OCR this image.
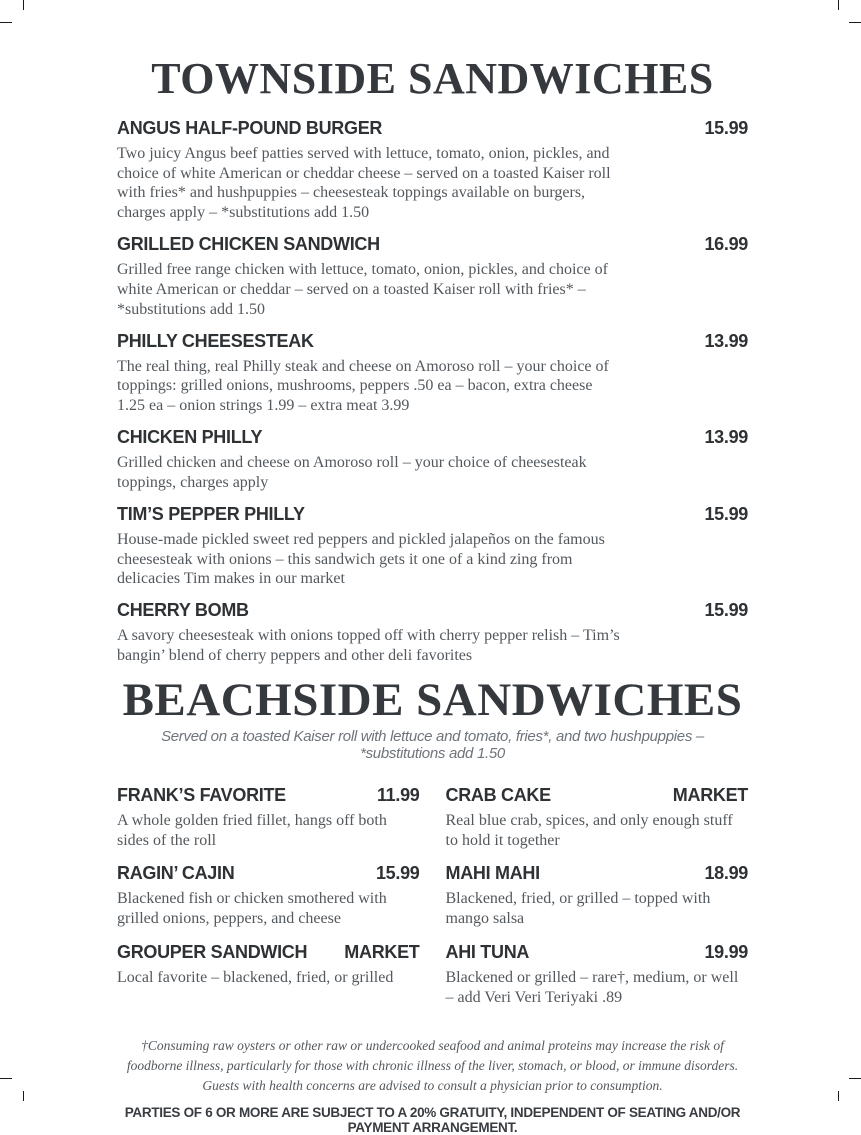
TOWNSIDE SANDWICHES
ANGUS HALF-POUND BURGER	15.99

Two juicy Angus beef patties served with lettuce, tomato, onion, pickles, and choice of white American or cheddar cheese – served on a toasted Kaiser roll with fries* and hushpuppies – cheesesteak toppings available on burgers, charges apply – *substitutions add 1.50

GRILLED CHICKEN SANDWICH	16.99

Grilled free range chicken with lettuce, tomato, onion, pickles, and choice of white American or cheddar – served on a toasted Kaiser roll with fries* – *substitutions add 1.50

PHILLY CHEESESTEAK	13.99

The real thing, real Philly steak and cheese on Amoroso roll – your choice of toppings: grilled onions, mushrooms, peppers .50 ea – bacon, extra cheese 1.25 ea – onion strings 1.99 – extra meat 3.99

CHICKEN PHILLY	13.99

Grilled chicken and cheese on Amoroso roll – your choice of cheesesteak toppings, charges apply

TIM’S PEPPER PHILLY	15.99

House-made pickled sweet red peppers and pickled jalapeños on the famous cheesesteak with onions – this sandwich gets it one of a kind zing from delicacies Tim makes in our market

CHERRY BOMB	15.99

A savory cheesesteak with onions topped off with cherry pepper relish – Tim’s bangin’ blend of cherry peppers and other deli favorites

BEACHSIDE SANDWICHES

Served on a toasted Kaiser roll with lettuce and tomato, fries*, and two hushpuppies – *substitutions add 1.50

FRANK’S FAVORITE	11.99

A whole golden fried fillet, hangs off both sides of the roll

CRAB CAKE	MARKET

Real blue crab, spices, and only enough stuff to hold it together

RAGIN’ CAJIN	15.99

Blackened fish or chicken smothered with grilled onions, peppers, and cheese

MAHI MAHI	18.99

Blackened, fried, or grilled – topped with mango salsa

GROUPER SANDWICH MARKET

Local favorite – blackened, fried, or grilled

AHI TUNA	19.99

Blackened or grilled – rare†, medium, or well – add Veri Veri Teriyaki .89

†Consuming raw oysters or other raw or undercooked seafood and animal proteins may increase the risk of foodborne illness, particularly for those with chronic illness of the liver, stomach, or blood, or immune disorders. Guests with health concerns are advised to consult a physician prior to consumption.

PARTIES OF 6 OR MORE ARE SUBJECT TO A 20% GRATUITY, INDEPENDENT OF SEATING AND/OR PAYMENT ARRANGEMENT.
